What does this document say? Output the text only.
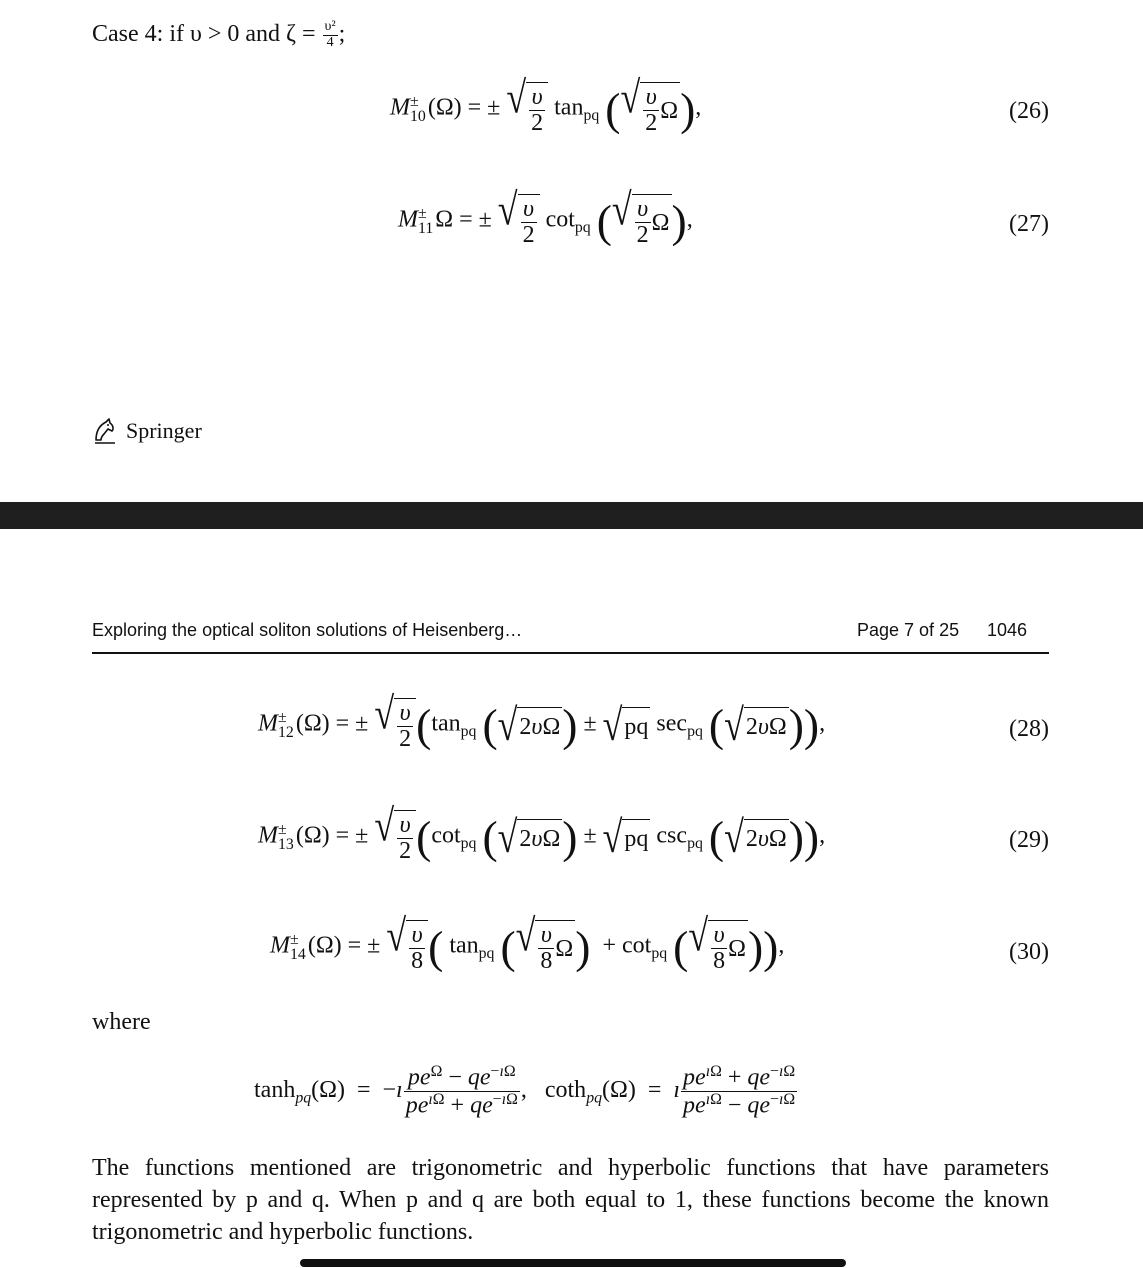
Case 4: if υ > 0 and $\zeta = \frac{\text{υ²}}{4}$ ;
M ±
10 (Ω) = ± √ $\frac{\upsilon}{2} \tan_{pq}$ ( √ $\frac{\upsilon}{2}$ Ω ),	(26)
M ±
11 Ω = ± √ $\frac{\upsilon}{2} \cot_{pq}$ ( √ $\frac{\upsilon}{2}$ Ω ),	(27)
Springer
Exploring the optical soliton solutions of Heisenberg…	Page 7 of 25 1046
M ±
12 (Ω) = ± √ $\frac{\upsilon}{2} (\tan_{pq}$ ( √ 2 υ Ω ) ± √ pq $\sec_{pq}$ ( √ 2 υ Ω )),	(28)
M ±
13 (Ω) = ± √ $\frac{\upsilon}{2} (\cot_{pq}$ ( √ 2 υ Ω ) ± √ pq $\csc_{pq}$ ( √ 2 υ Ω )),	(29)
M ±
14 (Ω) = ± √ $\frac{\upsilon}{8}$ ( $\tan_{pq}$ ( √ $\frac{\upsilon}{8}$ Ω )  + $\cot_{pq}$ ( √ $\frac{\upsilon}{8}$ Ω )),	(30)
where
$\tanh_{pq}(\Omega)$  =  −ı $\frac{pe^\Omega - qe^{-ı\Omega}}{pe^{ı\Omega} + qe^{-ı\Omega}}$ ,   coth$_{pq}$(Ω)  =  ı $\frac{pe^{ı\Omega} + qe^{-ı\Omega}}{pe^{ı\Omega} - qe^{-ı\Omega}}$
The functions mentioned are trigonometric and hyperbolic functions that have parameters represented by p and q. When p and q are both equal to 1, these functions become the known trigonometric and hyperbolic functions.
